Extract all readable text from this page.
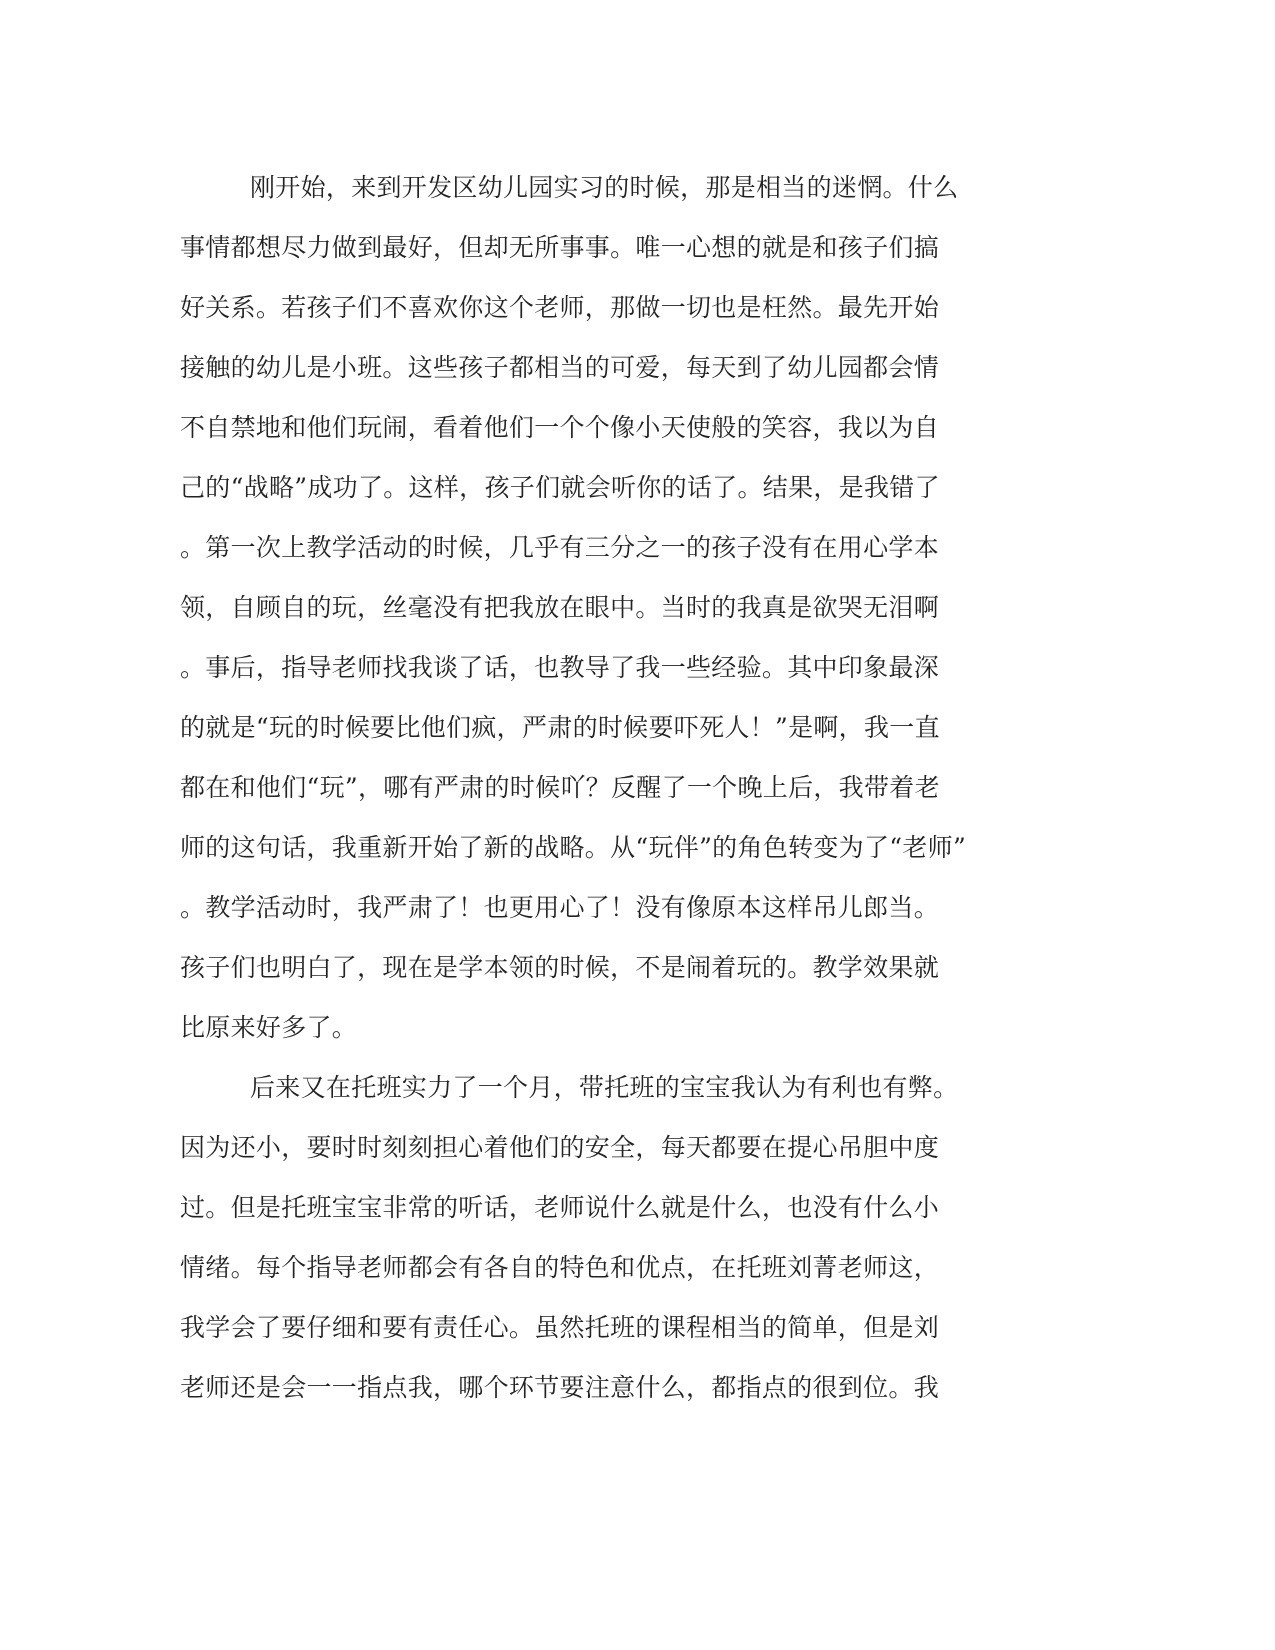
刚开始，来到开发区幼儿园实习的时候，那是相当的迷惘。什么
事情都想尽力做到最好，但却无所事事。唯一心想的就是和孩子们搞
好关系。若孩子们不喜欢你这个老师，那做一切也是枉然。最先开始
接触的幼儿是小班。这些孩子都相当的可爱，每天到了幼儿园都会情
不自禁地和他们玩闹，看着他们一个个像小天使般的笑容，我以为自
己的“战略”成功了。这样，孩子们就会听你的话了。结果，是我错了
。第一次上教学活动的时候，几乎有三分之一的孩子没有在用心学本
领，自顾自的玩，丝毫没有把我放在眼中。当时的我真是欲哭无泪啊
。事后，指导老师找我谈了话，也教导了我一些经验。其中印象最深
的就是“玩的时候要比他们疯，严肃的时候要吓死人！”是啊，我一直
都在和他们“玩”，哪有严肃的时候吖？反醒了一个晚上后，我带着老
师的这句话，我重新开始了新的战略。从“玩伴”的角色转变为了“老师”
。教学活动时，我严肃了！也更用心了！没有像原本这样吊儿郎当。
孩子们也明白了，现在是学本领的时候，不是闹着玩的。教学效果就
比原来好多了。
后来又在托班实力了一个月，带托班的宝宝我认为有利也有弊。
因为还小，要时时刻刻担心着他们的安全，每天都要在提心吊胆中度
过。但是托班宝宝非常的听话，老师说什么就是什么，也没有什么小
情绪。每个指导老师都会有各自的特色和优点，在托班刘菁老师这，
我学会了要仔细和要有责任心。虽然托班的课程相当的简单，但是刘
老师还是会一一指点我，哪个环节要注意什么，都指点的很到位。我
